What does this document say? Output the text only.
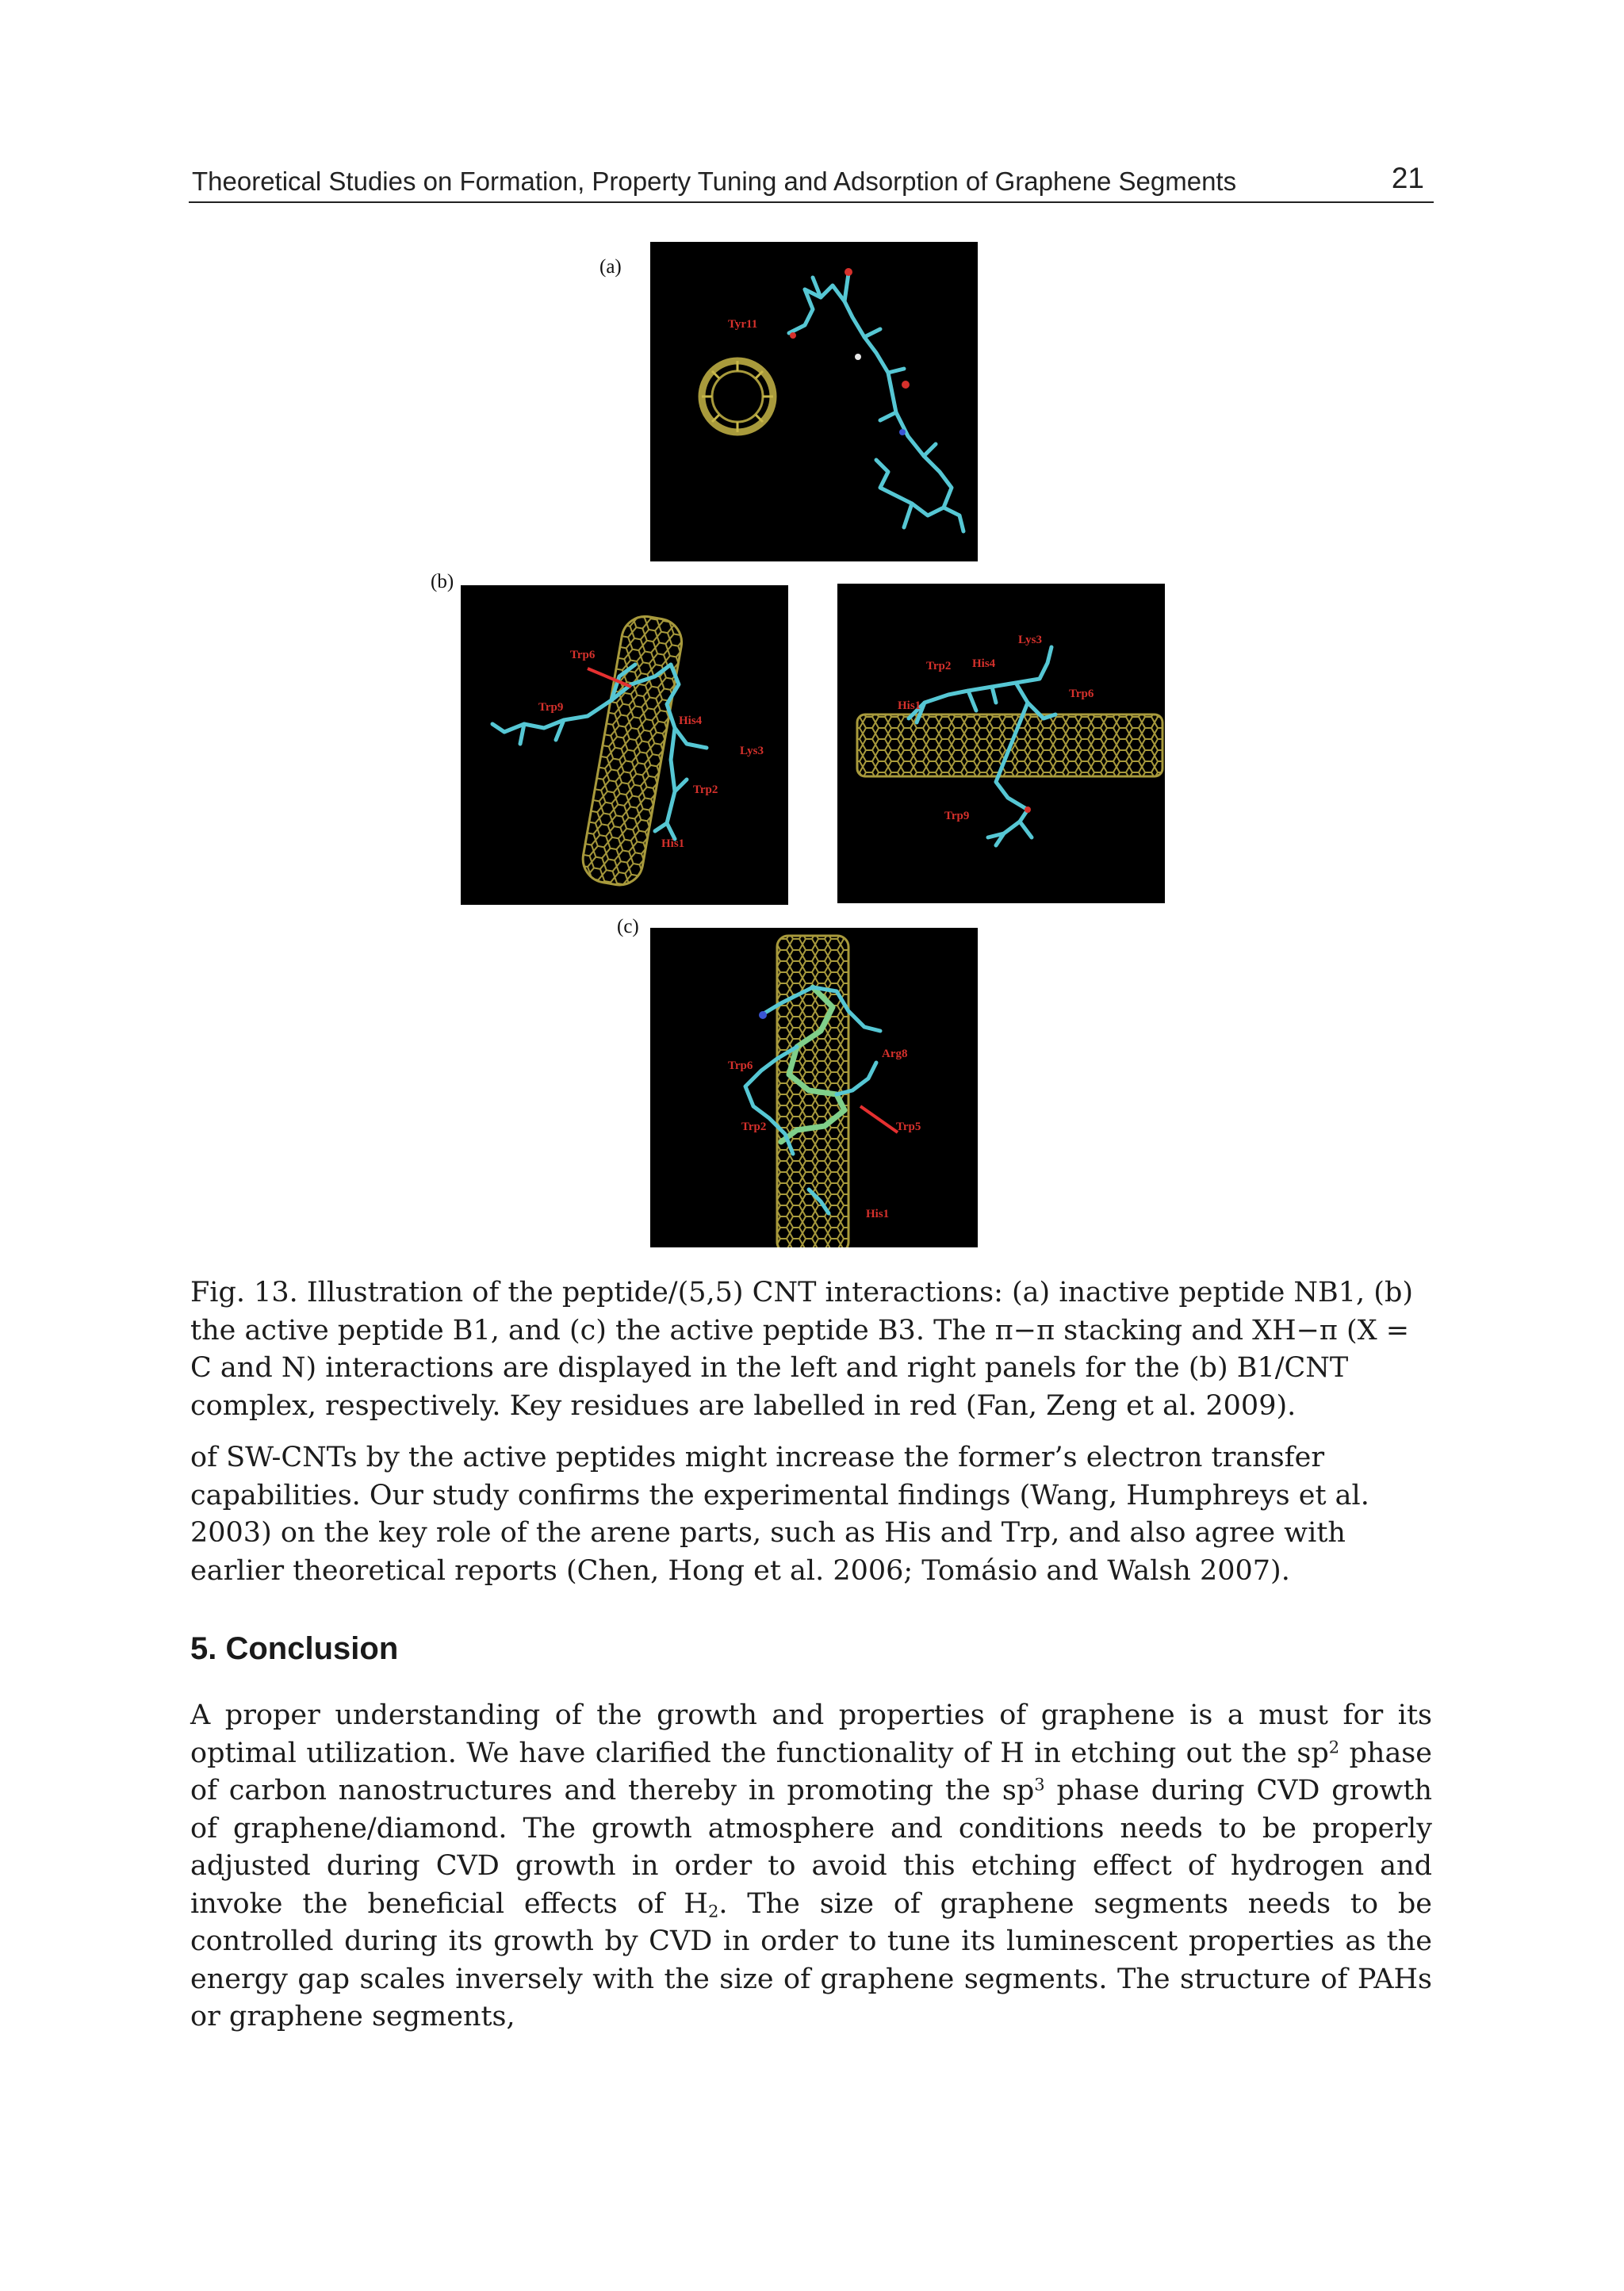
Theoretical Studies on Formation, Property Tuning and Adsorption of Graphene Segments	21
(a)
(b)
(c)
Tyr11
Trp6
Trp9
His4
Lys3
Trp2
His1
Lys3
Trp2 His4
Trp6
His1
Trp9
Arg8
Trp6
Trp2	Trp5
His1
Fig. 13. Illustration of the peptide/(5,5) CNT interactions: (a) inactive peptide NB1, (b) the active peptide B1, and (c) the active peptide B3. The π−π stacking and XH−π (X = C and N) interactions are displayed in the left and right panels for the (b) B1/CNT complex, respectively. Key residues are labelled in red (Fan, Zeng et al. 2009).
of SW-CNTs by the active peptides might increase the former’s electron transfer capabilities. Our study confirms the experimental findings (Wang, Humphreys et al. 2003) on the key role of the arene parts, such as His and Trp, and also agree with earlier theoretical reports (Chen, Hong et al. 2006; Tomásio and Walsh 2007).
5. Conclusion
A proper understanding of the growth and properties of graphene is a must for its optimal utilization. We have clarified the functionality of H in etching out the $sp^2$ phase of carbon nanostructures and thereby in promoting the $sp^3$ phase during CVD growth of graphene/diamond. The growth atmosphere and conditions needs to be properly adjusted during CVD growth in order to avoid this etching effect of hydrogen and invoke the beneficial effects of $H_2$. The size of graphene segments needs to be controlled during its growth by CVD in order to tune its luminescent properties as the energy gap scales inversely with the size of graphene segments. The structure of PAHs or graphene segments,
